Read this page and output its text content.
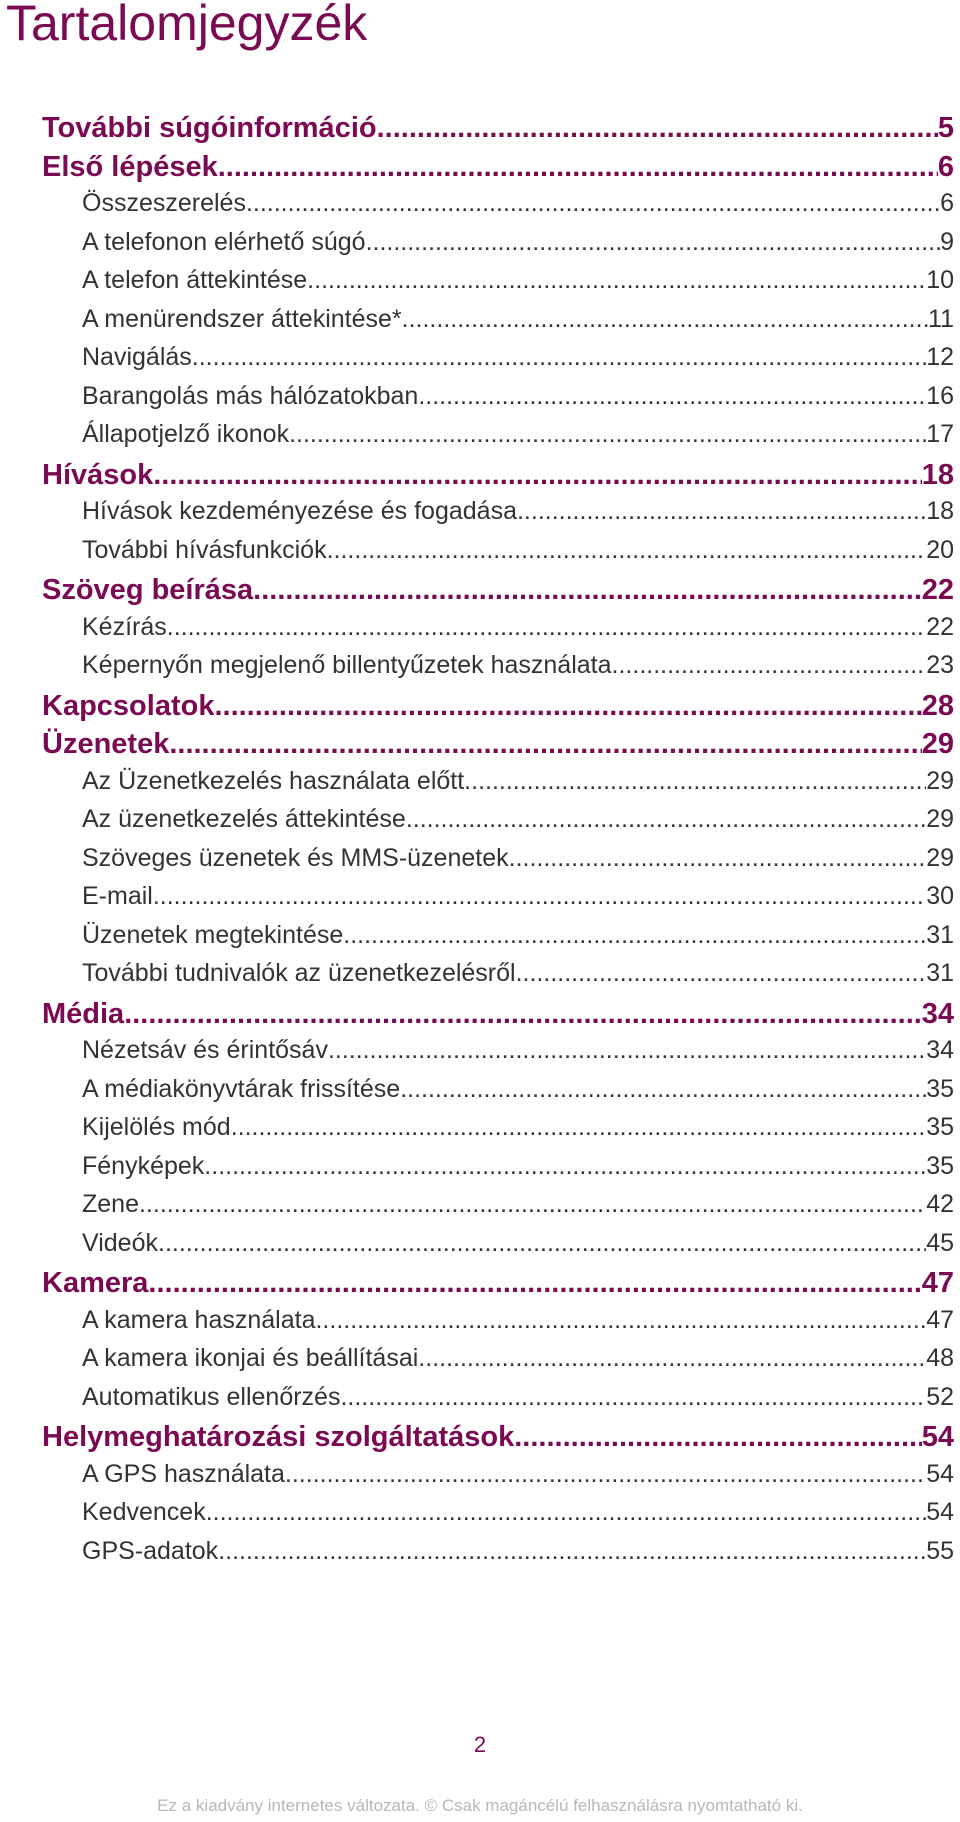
Tartalomjegyzék
További súgóinformáció .....	5
Első lépések .....	6
Összeszerelés .....	6
A telefonon elérhető súgó .....	9
A telefon áttekintése .....	10
A menürendszer áttekintése* .....	11
Navigálás .....	12
Barangolás más hálózatokban .....	16
Állapotjelző ikonok .....	17
Hívások .....	18
Hívások kezdeményezése és fogadása .....	18
További hívásfunkciók .....	20
Szöveg beírása .....	22
Kézírás .....	22
Képernyőn megjelenő billentyűzetek használata .....	23
Kapcsolatok .....	28
Üzenetek .....	29
Az Üzenetkezelés használata előtt .....	29
Az üzenetkezelés áttekintése .....	29
Szöveges üzenetek és MMS-üzenetek .....	29
E-mail .....	30
Üzenetek megtekintése .....	31
További tudnivalók az üzenetkezelésről .....	31
Média .....	34
Nézetsáv és érintősáv .....	34
A médiakönyvtárak frissítése .....	35
Kijelölés mód .....	35
Fényképek .....	35
Zene .....	42
Videók .....	45
Kamera .....	47
A kamera használata .....	47
A kamera ikonjai és beállításai .....	48
Automatikus ellenőrzés .....	52
Helymeghatározási szolgáltatások .....	54
A GPS használata .....	54
Kedvencek .....	54
GPS-adatok .....	55
2
Ez a kiadvány internetes változata. © Csak magáncélú felhasználásra nyomtatható ki.
